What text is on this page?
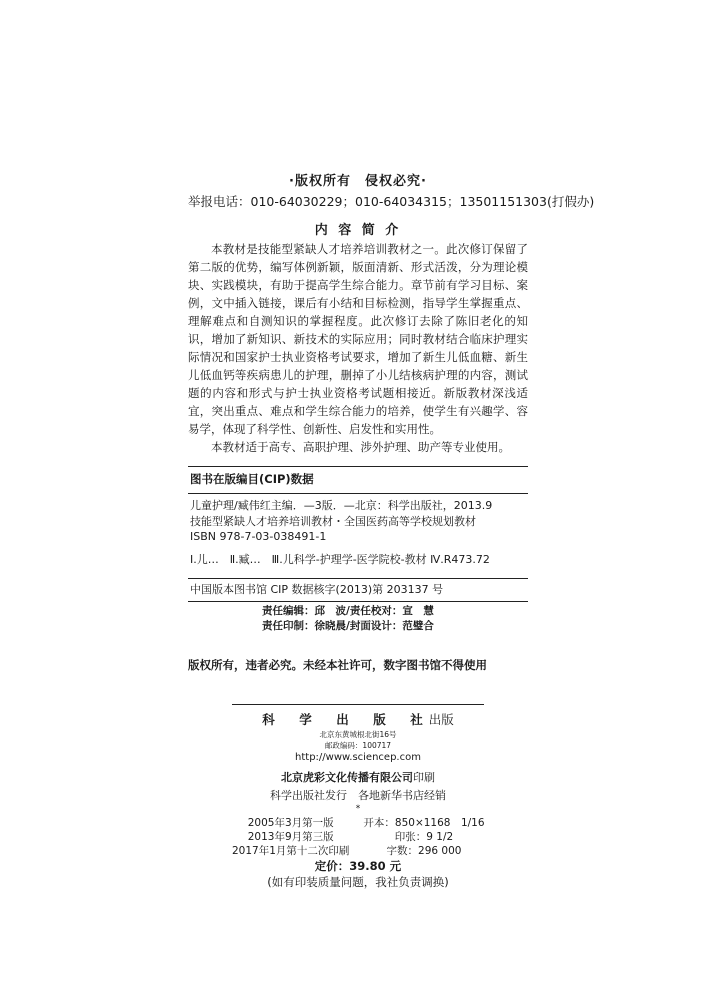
·版权所有　侵权必究·
举报电话：010-64030229；010-64034315；13501151303(打假办)
内 容 简 介

本教材是技能型紧缺人才培养培训教材之一。此次修订保留了第二版的优势，编写体例新颖，版面清新、形式活泼，分为理论模块、实践模块，有助于提高学生综合能力。章节前有学习目标、案例，文中插入链接，课后有小结和目标检测，指导学生掌握重点、理解难点和自测知识的掌握程度。此次修订去除了陈旧老化的知识，增加了新知识、新技术的实际应用；同时教材结合临床护理实际情况和国家护士执业资格考试要求，增加了新生儿低血糖、新生儿低血钙等疾病患儿的护理，删掉了小儿结核病护理的内容，测试题的内容和形式与护士执业资格考试题相接近。新版教材深浅适宜，突出重点、难点和学生综合能力的培养，使学生有兴趣学、容易学，体现了科学性、创新性、启发性和实用性。

本教材适于高专、高职护理、涉外护理、助产等专业使用。

图书在版编目(CIP)数据
儿童护理/臧伟红主编．—3版．—北京：科学出版社，2013.9
技能型紧缺人才培养培训教材・全国医药高等学校规划教材
ISBN 978-7-03-038491-1
Ⅰ.儿…　Ⅱ.臧…　Ⅲ.儿科学-护理学-医学院校-教材 Ⅳ.R473.72
中国版本图书馆 CIP 数据核字(2013)第 203137 号
责任编辑：邱　波/责任校对：宣　慧
责任印制：徐晓晨/封面设计：范璧合
版权所有，违者必究。未经本社许可，数字图书馆不得使用
科　学　出　版　社出版
北京东黄城根北街16号
邮政编码：100717
http://www.sciencep.com
北京虎彩文化传播有限公司印刷
科学出版社发行　各地新华书店经销
*
2005年3月第一版	开本：850×1168　1/16
2013年9月第三版	印张：9 1/2
2017年1月第十二次印刷	字数：296 000
定价：39.80 元
(如有印装质量问题，我社负责调换)
